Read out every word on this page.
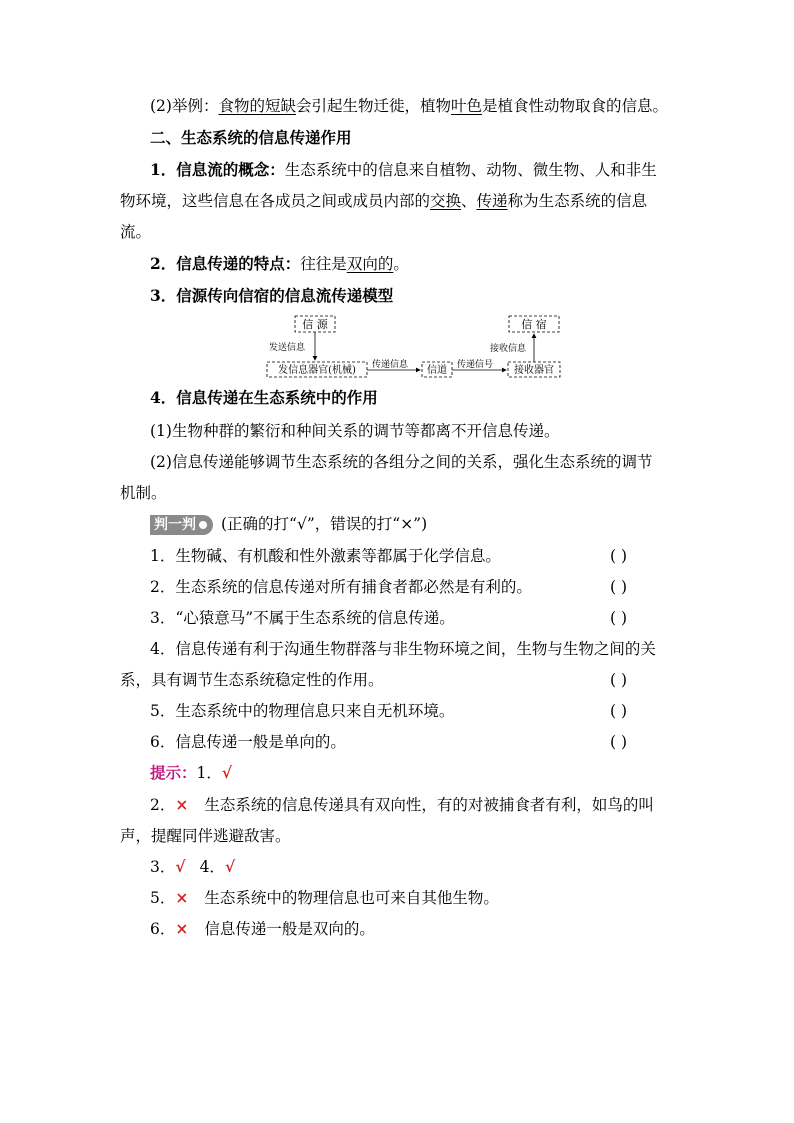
(2)举例：食物的短缺会引起生物迁徙，植物叶色是植食性动物取食的信息。
二、生态系统的信息传递作用
1．信息流的概念：生态系统中的信息来自植物、动物、微生物、人和非生
物环境，这些信息在各成员之间或成员内部的交换、传递称为生态系统的信息
流。
2．信息传递的特点：往往是双向的。
3．信源传向信宿的信息流传递模型
信 源	信 宿
发送信息
发信息器官(机械) 传递信息 信道 传递信号 接收器官
接收信息
4．信息传递在生态系统中的作用
(1)生物种群的繁衍和种间关系的调节等都离不开信息传递。
(2)信息传递能够调节生态系统的各组分之间的关系，强化生态系统的调节
机制。
判一判 (正确的打“√”，错误的打“×”)
1．生物碱、有机酸和性外激素等都属于化学信息。	( )
2．生态系统的信息传递对所有捕食者都必然是有利的。	( )
3．“心猿意马”不属于生态系统的信息传递。	( )
4．信息传递有利于沟通生物群落与非生物环境之间，生物与生物之间的关
系，具有调节生态系统稳定性的作用。	( )
5．生态系统中的物理信息只来自无机环境。	( )
6．信息传递一般是单向的。	( )
提示：1．√
2．× 生态系统的信息传递具有双向性，有的对被捕食者有利，如鸟的叫
声，提醒同伴逃避敌害。
3．√ 4．√
5．× 生态系统中的物理信息也可来自其他生物。
6．× 信息传递一般是双向的。
